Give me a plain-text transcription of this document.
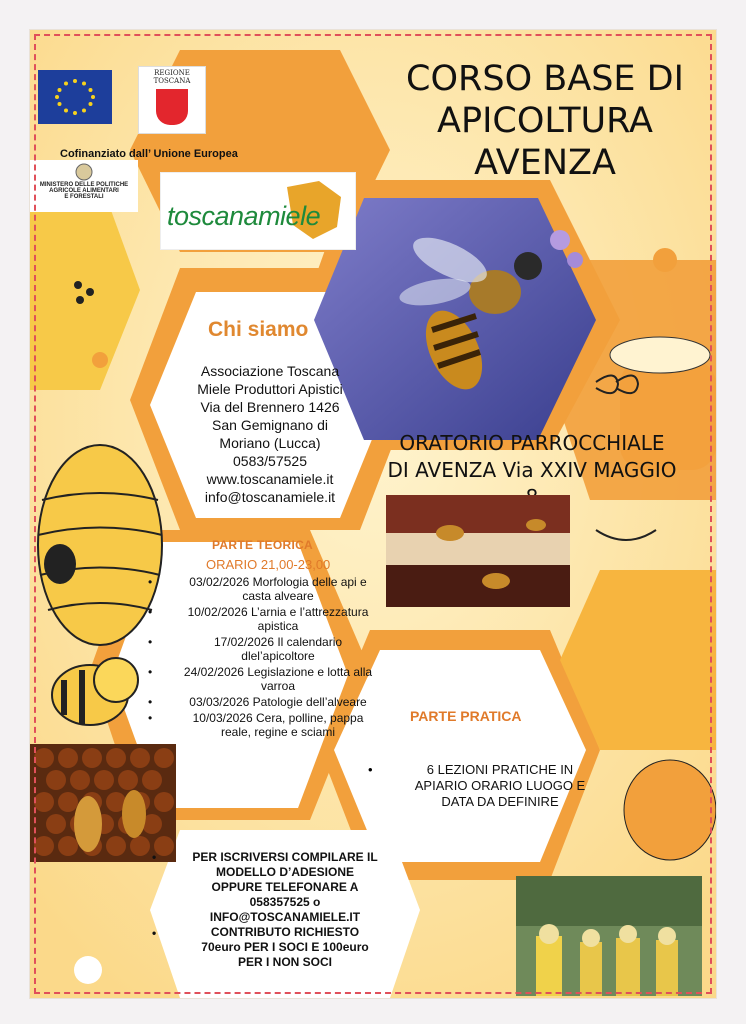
CORSO BASE DI
APICOLTURA
AVENZA
REGIONE
TOSCANA
Cofinanziato dall’ Unione Europea
MINISTERO DELLE POLITICHE
AGRICOLE ALIMENTARI
E FORESTALI
toscanamiele
Chi siamo
Associazione Toscana
Miele Produttori Apistici
Via del Brennero 1426
San Gemignano di
Moriano (Lucca)
0583/57525
www.toscanamiele.it
info@toscanamiele.it
ORATORIO PARROCCHIALE
DI AVENZA Via XXIV MAGGIO
PARTE TEORICA
ORARIO 21,00-23,00
• 03/02/2026 Morfologia delle api e casta alveare
• 10/02/2026 L’arnia e l’attrezzatura apistica
• 17/02/2026 Il calendario dlel’apicoltore
• 24/02/2026 Legislazione e lotta alla varroa
• 03/03/2026 Patologie dell’alveare
• 10/03/2026 Cera, polline, pappa reale, regine e sciami
PARTE PRATICA
•	6 LEZIONI PRATICHE IN
APIARIO ORARIO LUOGO E
DATA DA DEFINIRE
•	PER ISCRIVERSI COMPILARE IL
MODELLO D’ADESIONE
OPPURE TELEFONARE A
058357525 o
INFO@TOSCANAMIELE.IT
•	CONTRIBUTO RICHIESTO
70euro PER I SOCI E 100euro
PER I NON SOCI
